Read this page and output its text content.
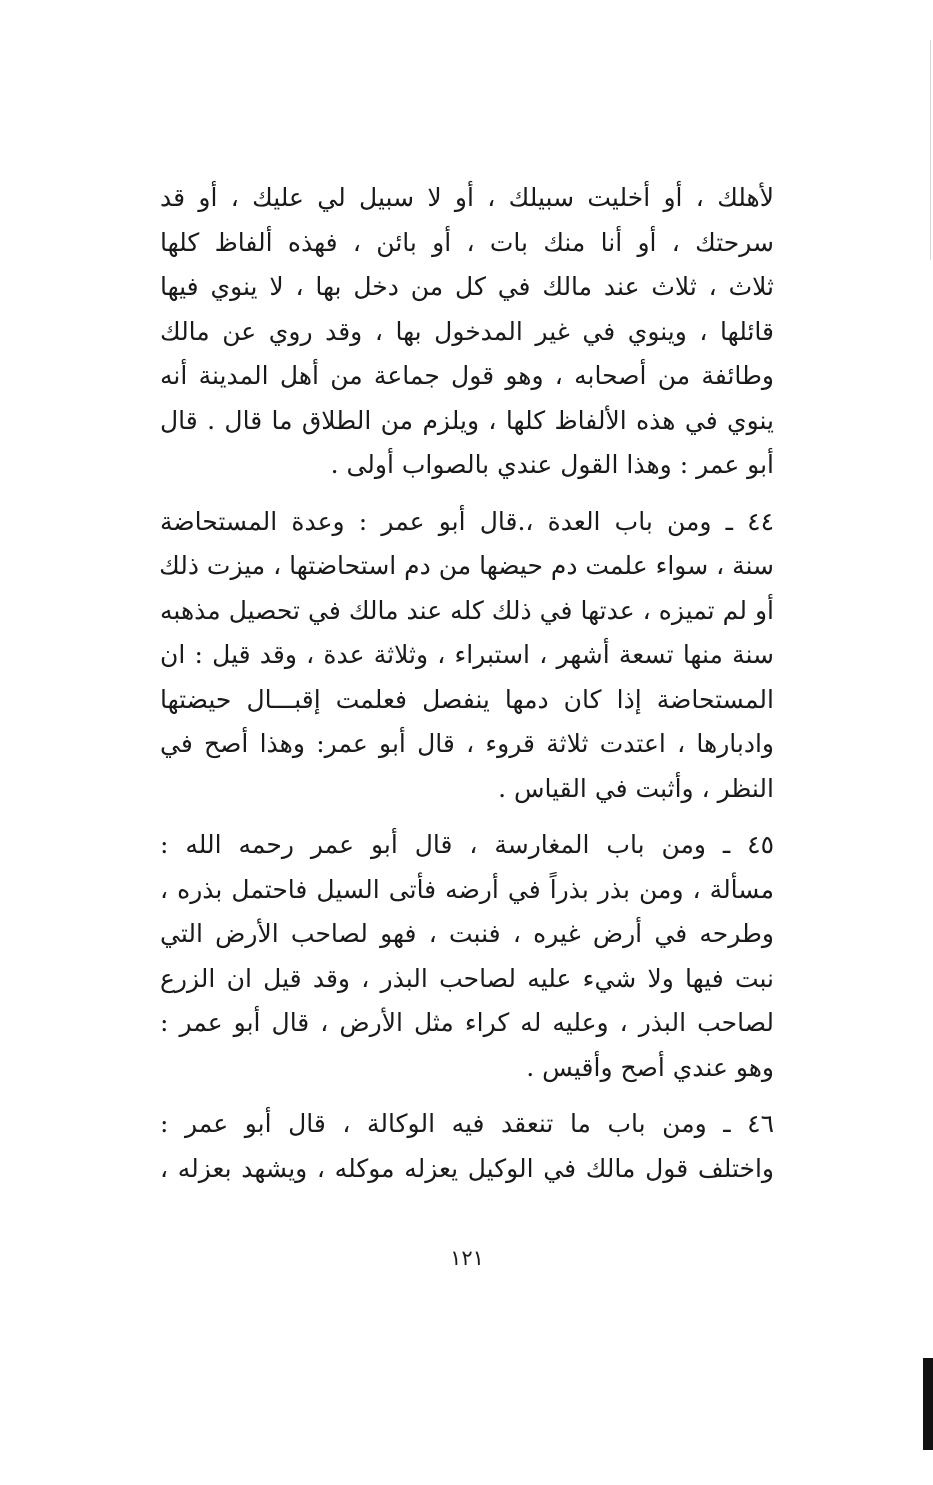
لأهلك ، أو أخليت سبيلك ، أو لا سبيل لي عليك ، أو قد
سرحتك ، أو أنا منك بات ، أو بائن ، فهذه ألفاظ كلها
ثلاث ، ثلاث عند مالك في كل من دخل بها ، لا ينوي فيها
قائلها ، وينوي في غير المدخول بها ، وقد روي عن مالك
وطائفة من أصحابه ، وهو قول جماعة من أهل المدينة أنه
ينوي في هذه الألفاظ كلها ، ويلزم من الطلاق ما قال . قال
أبو عمر : وهذا القول عندي بالصواب أولى .

٤٤ ـ ومن باب العدة ،.قال أبو عمر : وعدة المستحاضة
سنة ، سواء علمت دم حيضها من دم استحاضتها ، ميزت ذلك
أو لم تميزه ، عدتها في ذلك كله عند مالك في تحصيل مذهبه
سنة منها تسعة أشهر ، استبراء ، وثلاثة عدة ، وقد قيل : ان
المستحاضة إذا كان دمها ينفصل فعلمت إقبـــال حيضتها
وادبارها ، اعتدت ثلاثة قروء ، قال أبو عمر: وهذا أصح في
النظر ، وأثبت في القياس .

٤٥ ـ ومن باب المغارسة ، قال أبو عمر رحمه الله :
مسألة ، ومن بذر بذراً في أرضه فأتى السيل فاحتمل بذره ،
وطرحه في أرض غيره ، فنبت ، فهو لصاحب الأرض التي
نبت فيها ولا شيء عليه لصاحب البذر ، وقد قيل ان الزرع
لصاحب البذر ، وعليه له كراء مثل الأرض ، قال أبو عمر :
وهو عندي أصح وأقيس .

٤٦ ـ ومن باب ما تنعقد فيه الوكالة ، قال أبو عمر :
واختلف قول مالك في الوكيل يعزله موكله ، ويشهد بعزله ،

١٢١
